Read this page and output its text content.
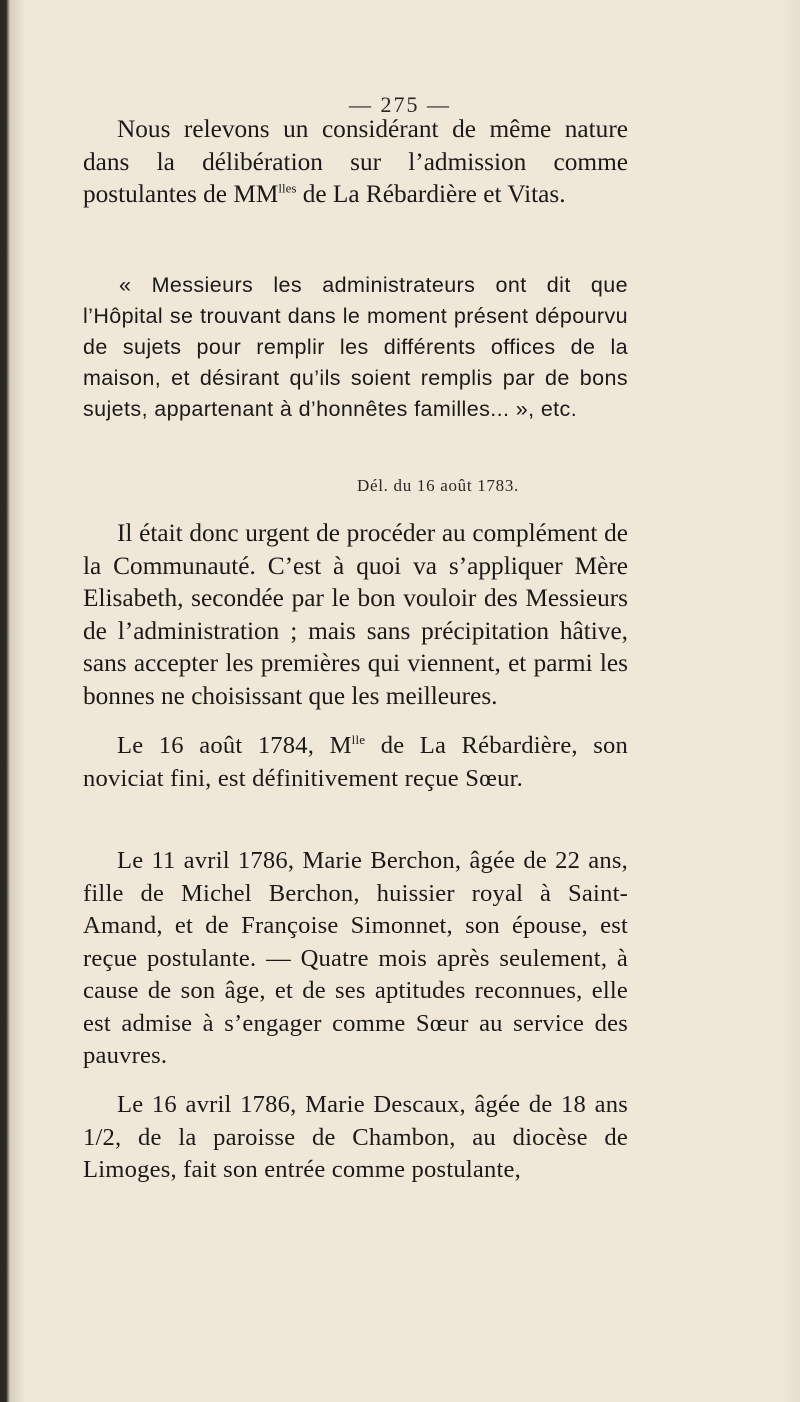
— 275 —

Nous relevons un considérant de même nature dans la délibération sur l’admission comme postulantes de $MM^{lles}$ de La Rébardière et Vitas.

« Messieurs les administrateurs ont dit que l’Hôpital se trouvant dans le moment présent dépourvu de sujets pour remplir les différents offices de la maison, et désirant qu’ils soient remplis par de bons sujets, appartenant à d’honnêtes familles... », etc.

Dél. du 16 août 1783.

Il était donc urgent de procéder au complément de la Communauté. C’est à quoi va s’appliquer Mère Elisabeth, secondée par le bon vouloir des Messieurs de l’administration ; mais sans précipitation hâtive, sans accepter les premières qui viennent, et parmi les bonnes ne choisissant que les meilleures.

Le 16 août 1784, $M^{lle}$ de La Rébardière, son noviciat fini, est définitivement reçue Sœur.

Le 11 avril 1786, Marie Berchon, âgée de 22 ans, fille de Michel Berchon, huissier royal à Saint-Amand, et de Françoise Simonnet, son épouse, est reçue postulante. — Quatre mois après seulement, à cause de son âge, et de ses aptitudes reconnues, elle est admise à s’engager comme Sœur au service des pauvres.

Le 16 avril 1786, Marie Descaux, âgée de 18 ans 1/2, de la paroisse de Chambon, au diocèse de Limoges, fait son entrée comme postulante,
